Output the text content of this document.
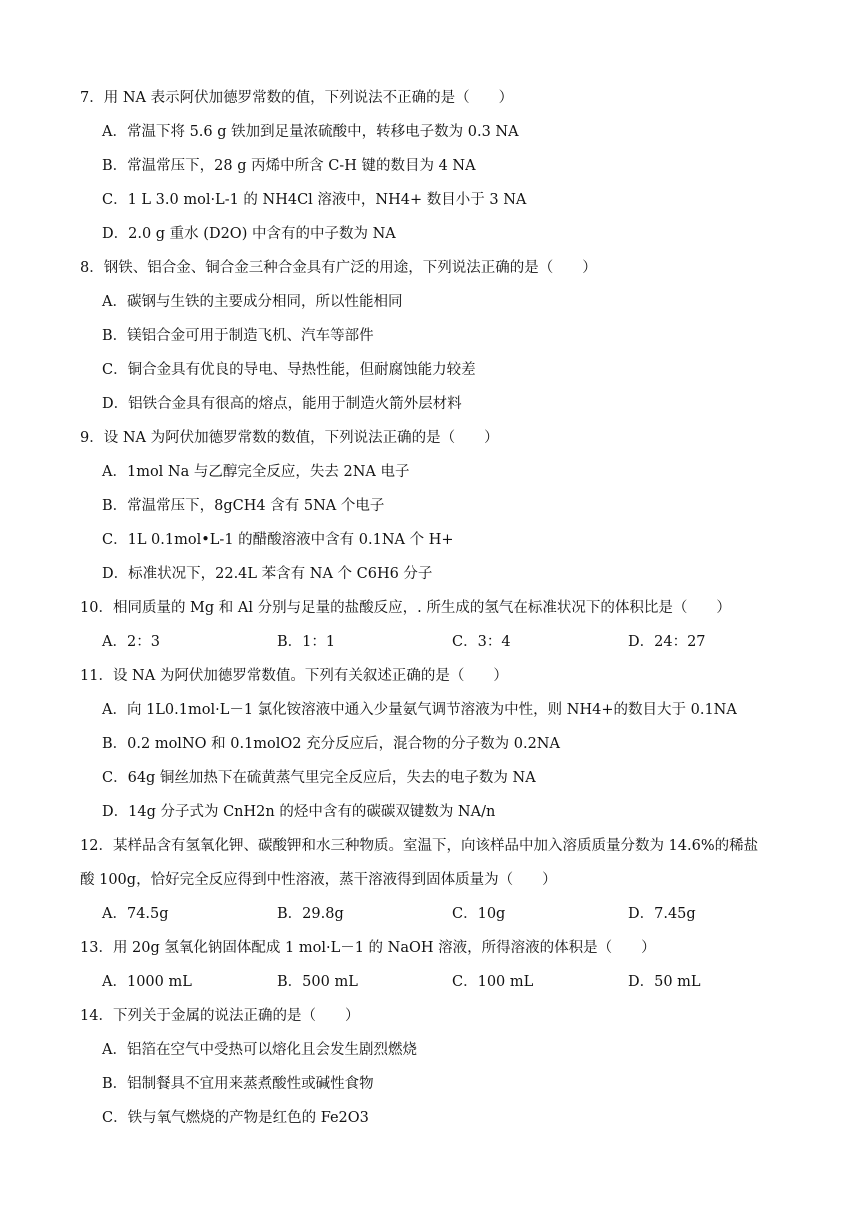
7．用 NA 表示阿伏加德罗常数的值，下列说法不正确的是（　　）
A．常温下将 5.6 g 铁加到足量浓硫酸中，转移电子数为 0.3 NA
B．常温常压下，28 g 丙烯中所含 C-H 键的数目为 4 NA
C．1 L 3.0 mol·L-1 的 NH4Cl 溶液中，NH4+ 数目小于 3 NA
D．2.0 g 重水 (D2O) 中含有的中子数为 NA
8．钢铁、铝合金、铜合金三种合金具有广泛的用途，下列说法正确的是（　　）
A．碳钢与生铁的主要成分相同，所以性能相同
B．镁铝合金可用于制造飞机、汽车等部件
C．铜合金具有优良的导电、导热性能，但耐腐蚀能力较差
D．铝铁合金具有很高的熔点，能用于制造火箭外层材料
9．设 NA 为阿伏加德罗常数的数值，下列说法正确的是（　　）
A．1mol Na 与乙醇完全反应，失去 2NA 电子
B．常温常压下，8gCH4 含有 5NA 个电子
C．1L 0.1mol•L-1 的醋酸溶液中含有 0.1NA 个 H+
D．标准状况下，22.4L 苯含有 NA 个 C6H6 分子
10．相同质量的 Mg 和 Al 分别与足量的盐酸反应，. 所生成的氢气在标准状况下的体积比是（　　）
A．2：3	B．1：1	C．3：4	D．24：27
11．设 NA 为阿伏加德罗常数值。下列有关叙述正确的是（　　）
A．向 1L0.1mol·L－1 氯化铵溶液中通入少量氨气调节溶液为中性，则 NH4+的数目大于 0.1NA
B．0.2 molNO 和 0.1molO2 充分反应后，混合物的分子数为 0.2NA
C．64g 铜丝加热下在硫黄蒸气里完全反应后，失去的电子数为 NA
D．14g 分子式为 CnH2n 的烃中含有的碳碳双键数为 NA/n
12．某样品含有氢氧化钾、碳酸钾和水三种物质。室温下，向该样品中加入溶质质量分数为 14.6%的稀盐
酸 100g，恰好完全反应得到中性溶液，蒸干溶液得到固体质量为（　　）
A．74.5g	B．29.8g	C．10g	D．7.45g
13．用 20g 氢氧化钠固体配成 1 mol·L－1 的 NaOH 溶液，所得溶液的体积是（　　）
A．1000 mL	B．500 mL	C．100 mL	D．50 mL
14．下列关于金属的说法正确的是（　　）
A．铝箔在空气中受热可以熔化且会发生剧烈燃烧
B．铝制餐具不宜用来蒸煮酸性或碱性食物
C．铁与氧气燃烧的产物是红色的 Fe2O3
